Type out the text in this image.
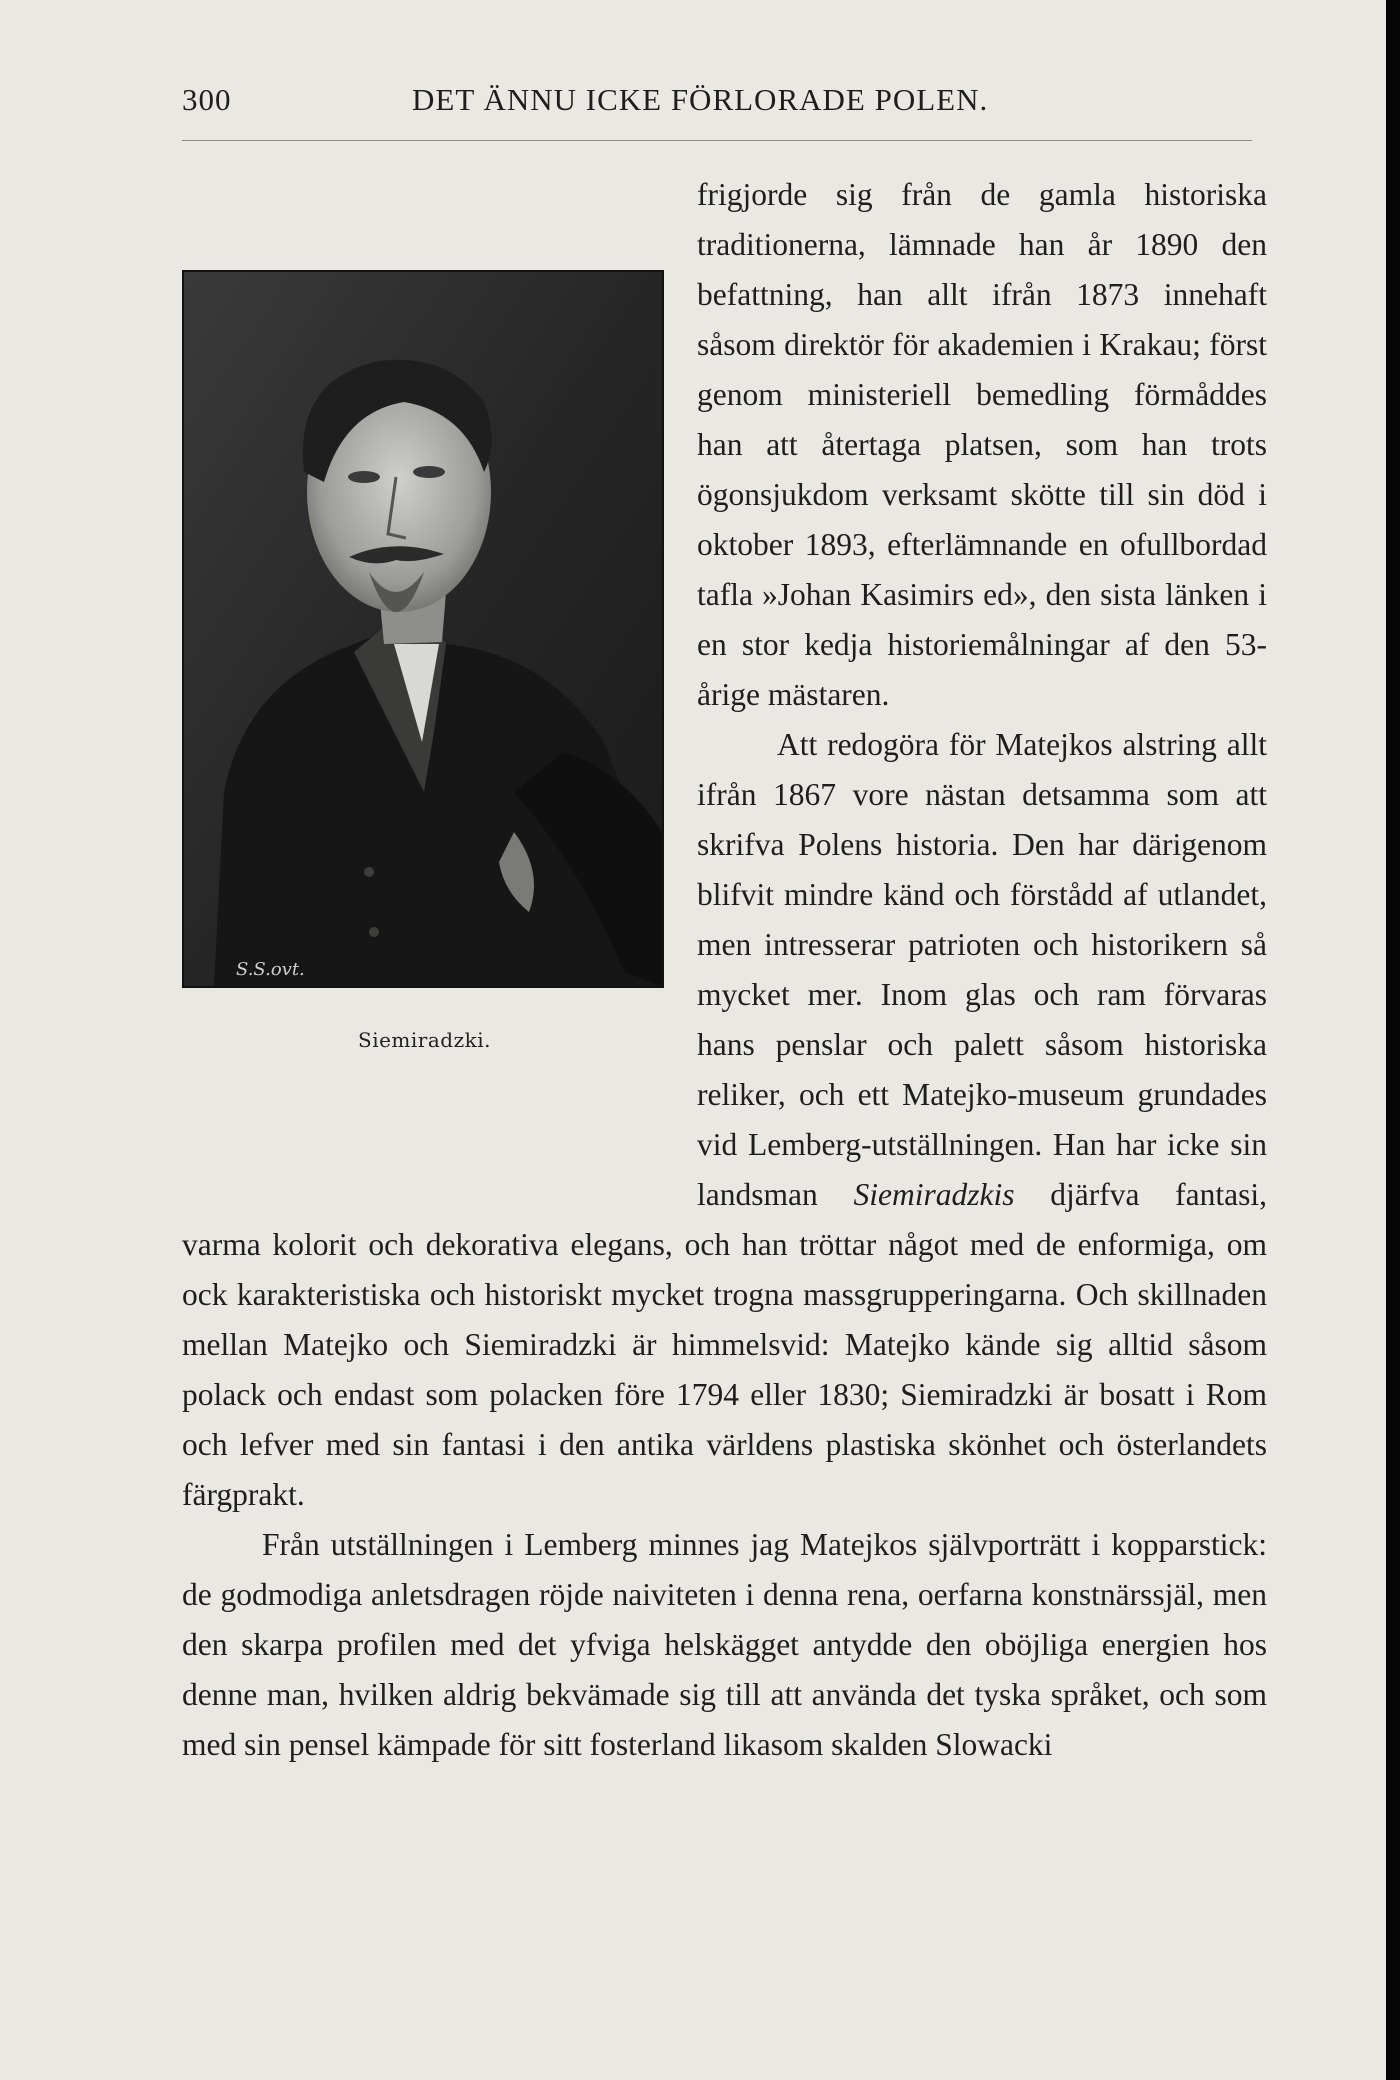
300	DET ÄNNU ICKE FÖRLORADE POLEN.
S.S.ovt.
Siemiradzki.

frigjorde sig från de gamla historiska traditionerna, lämnade han år 1890 den befattning, han allt ifrån 1873 innehaft såsom direktör för akademien i Krakau; först genom ministeriell bemedling förmåddes han att återtaga platsen, som han trots ögonsjukdom verksamt skötte till sin död i oktober 1893, efterlämnande en ofullbordad tafla »Johan Kasimirs ed», den sista länken i en stor kedja historiemålningar af den 53-årige mästaren.

Att redogöra för Matejkos alstring allt ifrån 1867 vore nästan detsamma som att skrifva Polens historia. Den har därigenom blifvit mindre känd och förstådd af utlandet, men intresserar patrioten och historikern så mycket mer. Inom glas och ram förvaras hans penslar och palett såsom historiska reliker, och ett Matejko-museum grundades vid Lemberg-utställningen. Han har icke sin landsman Siemiradzkis djärfva fantasi, varma kolorit och dekorativa elegans, och han tröttar något med de enformiga, om ock karakteristiska och historiskt mycket trogna massgrupperingarna. Och skillnaden mellan Matejko och Siemiradzki är himmelsvid: Matejko kände sig alltid såsom polack och endast som polacken före 1794 eller 1830; Siemiradzki är bosatt i Rom och lefver med sin fantasi i den antika världens plastiska skönhet och österlandets färgprakt.

Från utställningen i Lemberg minnes jag Matejkos självporträtt i kopparstick: de godmodiga anletsdragen röjde naiviteten i denna rena, oerfarna konstnärssjäl, men den skarpa profilen med det yfviga helskägget antydde den oböjliga energien hos denne man, hvilken aldrig bekvämade sig till att använda det tyska språket, och som med sin pensel kämpade för sitt fosterland likasom skalden Slowacki
